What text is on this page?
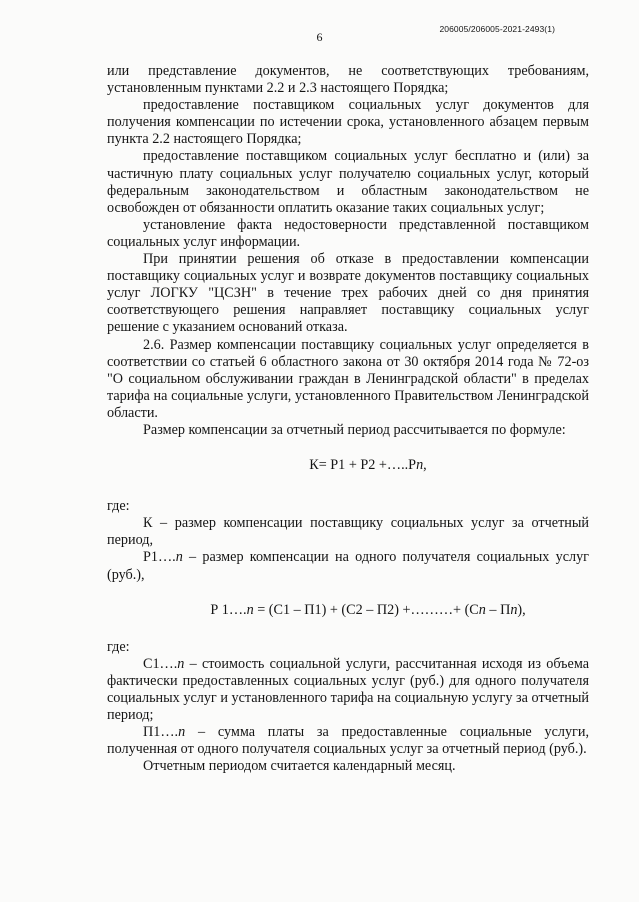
6
206005/206005-2021-2493(1)

или представление документов, не соответствующих требованиям, установленным пунктами 2.2 и 2.3 настоящего Порядка;

предоставление поставщиком социальных услуг документов для получения компенсации по истечении срока, установленного абзацем первым пункта 2.2 настоящего Порядка;

предоставление поставщиком социальных услуг бесплатно и (или) за частичную плату социальных услуг получателю социальных услуг, который федеральным законодательством и областным законодательством не освобожден от обязанности оплатить оказание таких социальных услуг;

установление факта недостоверности представленной поставщиком социальных услуг информации.

При принятии решения об отказе в предоставлении компенсации поставщику социальных услуг и возврате документов поставщику социальных услуг ЛОГКУ "ЦСЗН" в течение трех рабочих дней со дня принятия соответствующего решения направляет поставщику социальных услуг решение с указанием оснований отказа.

2.6. Размер компенсации поставщику социальных услуг определяется в соответствии со статьей 6 областного закона от 30 октября 2014 года № 72-оз "О социальном обслуживании граждан в Ленинградской области" в пределах тарифа на социальные услуги, установленного Правительством Ленинградской области.

Размер компенсации за отчетный период рассчитывается по формуле:

К= Р1 + Р2 +…..Рn,

где:

К – размер компенсации поставщику социальных услуг за отчетный период,

Р1….n – размер компенсации на одного получателя социальных услуг (руб.),

Р 1….n = (С1 – П1) + (С2 – П2) +………+ (Сn – Пn),

где:

С1….n – стоимость социальной услуги, рассчитанная исходя из объема фактически предоставленных социальных услуг (руб.) для одного получателя социальных услуг и установленного тарифа на социальную услугу за отчетный период;

П1….n – сумма платы за предоставленные социальные услуги, полученная от одного получателя социальных услуг за отчетный период (руб.).

Отчетным периодом считается календарный месяц.
